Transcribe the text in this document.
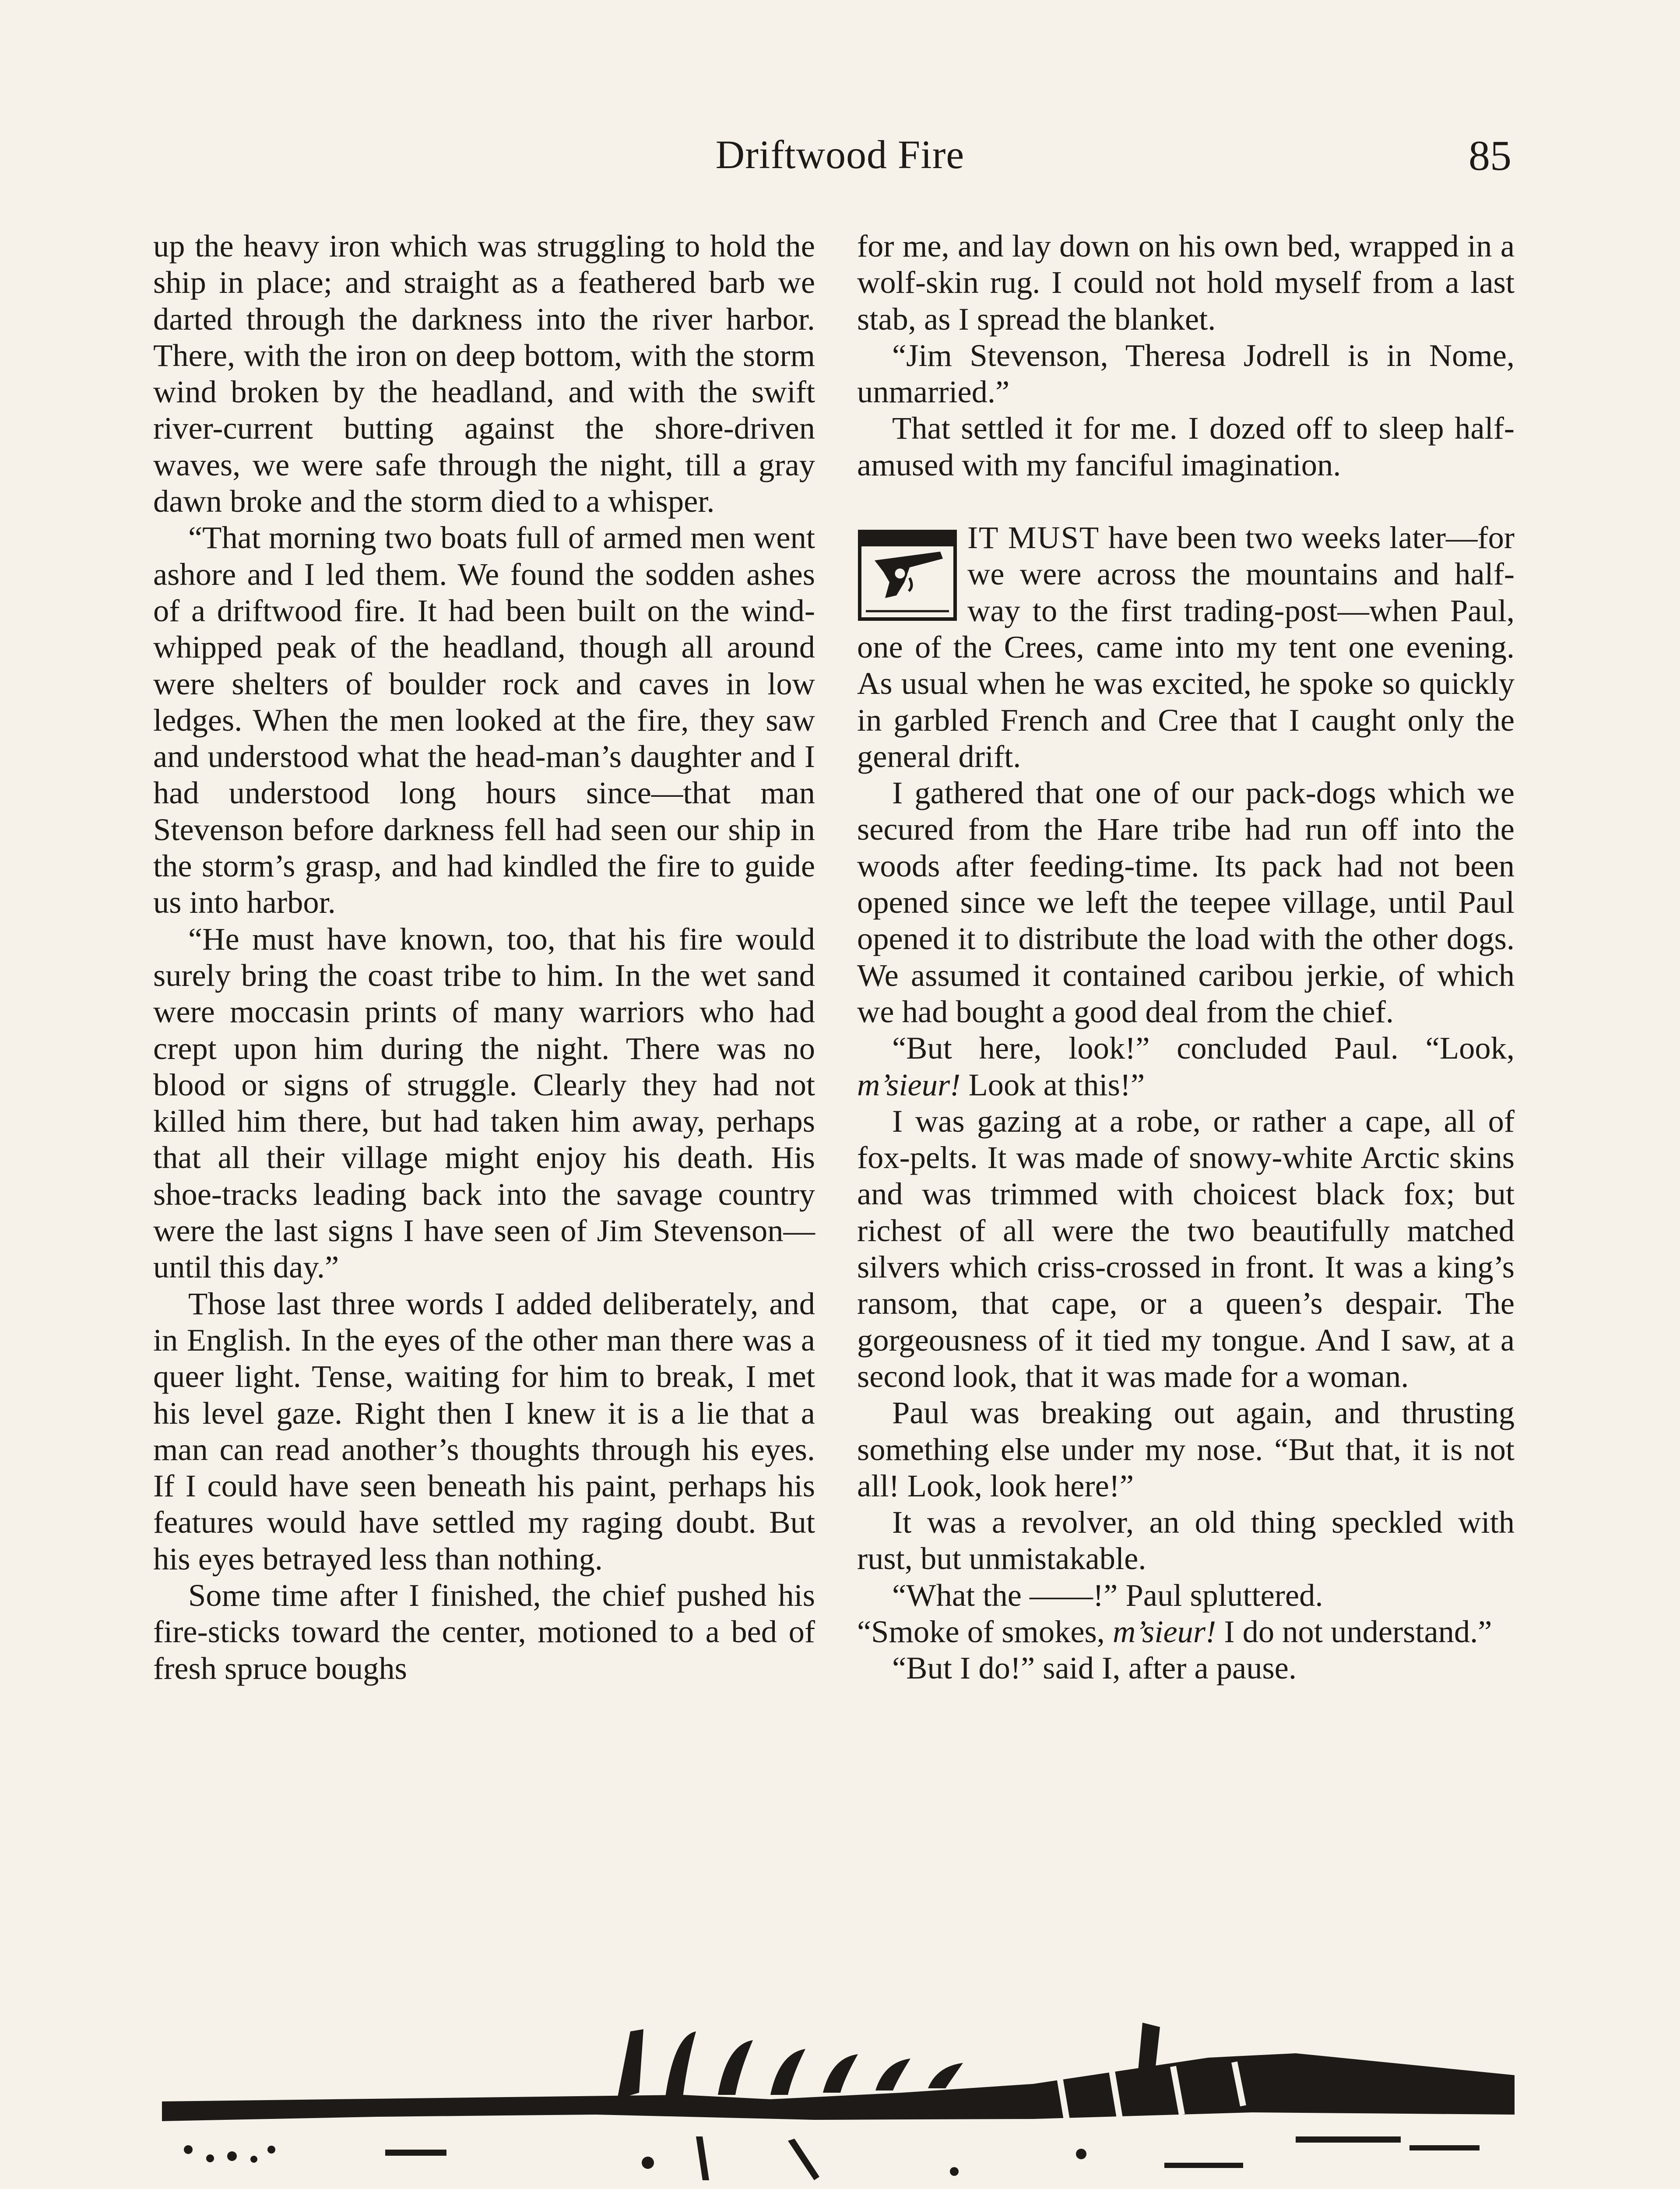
Driftwood Fire	85

up the heavy iron which was struggling to hold the ship in place; and straight as a feathered barb we darted through the darkness into the river harbor. There, with the iron on deep bottom, with the storm wind broken by the headland, and with the swift river-current butting against the shore-driven waves, we were safe through the night, till a gray dawn broke and the storm died to a whisper.

“That morning two boats full of armed men went ashore and I led them. We found the sodden ashes of a driftwood fire. It had been built on the wind-whipped peak of the headland, though all around were shelters of boulder rock and caves in low ledges. When the men looked at the fire, they saw and understood what the head-man’s daughter and I had understood long hours since—that man Stevenson before darkness fell had seen our ship in the storm’s grasp, and had kindled the fire to guide us into harbor.

“He must have known, too, that his fire would surely bring the coast tribe to him. In the wet sand were moccasin prints of many warriors who had crept upon him during the night. There was no blood or signs of struggle. Clearly they had not killed him there, but had taken him away, perhaps that all their village might enjoy his death. His shoe-tracks leading back into the savage country were the last signs I have seen of Jim Stevenson—until this day.”

Those last three words I added deliberately, and in English. In the eyes of the other man there was a queer light. Tense, waiting for him to break, I met his level gaze. Right then I knew it is a lie that a man can read another’s thoughts through his eyes. If I could have seen beneath his paint, perhaps his features would have settled my raging doubt. But his eyes betrayed less than nothing.

Some time after I finished, the chief pushed his fire-sticks toward the center, motioned to a bed of fresh spruce boughs

for me, and lay down on his own bed, wrapped in a wolf-skin rug. I could not hold myself from a last stab, as I spread the blanket.

“Jim Stevenson, Theresa Jodrell is in Nome, unmarried.”

That settled it for me. I dozed off to sleep half-amused with my fanciful imagination.

IT MUST have been two weeks later—for we were across the mountains and half-way to the first trading-post—when Paul, one of the Crees, came into my tent one evening. As usual when he was excited, he spoke so quickly in garbled French and Cree that I caught only the general drift.

I gathered that one of our pack-dogs which we secured from the Hare tribe had run off into the woods after feeding-time. Its pack had not been opened since we left the teepee village, until Paul opened it to distribute the load with the other dogs. We assumed it contained caribou jerkie, of which we had bought a good deal from the chief.

“But here, look!” concluded Paul. “Look, m’sieur! Look at this!”

I was gazing at a robe, or rather a cape, all of fox-pelts. It was made of snowy-white Arctic skins and was trimmed with choicest black fox; but richest of all were the two beautifully matched silvers which criss-crossed in front. It was a king’s ransom, that cape, or a queen’s despair. The gorgeousness of it tied my tongue. And I saw, at a second look, that it was made for a woman.

Paul was breaking out again, and thrusting something else under my nose. “But that, it is not all! Look, look here!”

It was a revolver, an old thing speckled with rust, but unmistakable.

“What the ——!” Paul spluttered.

“Smoke of smokes, m’sieur! I do not understand.”

“But I do!” said I, after a pause.
